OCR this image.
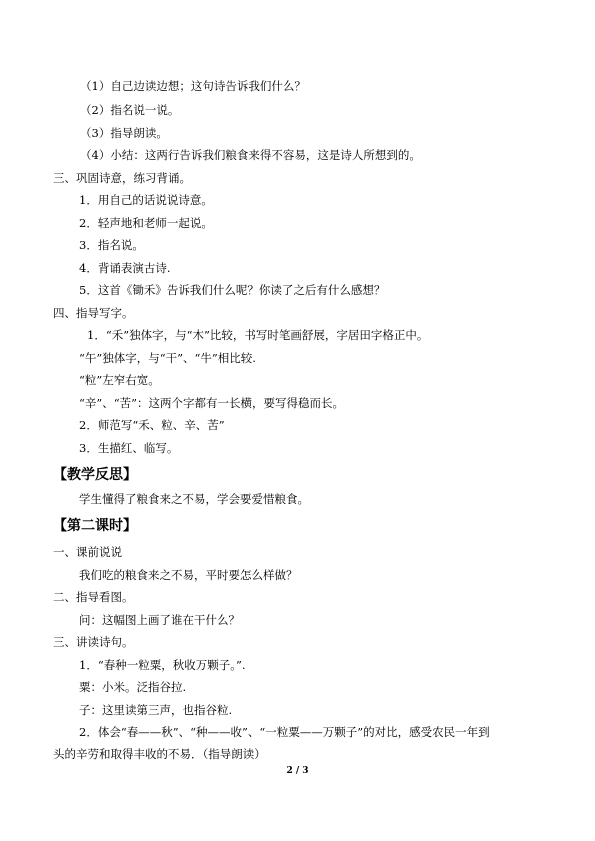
（1）自己边读边想；这句诗告诉我们什么？
（2）指名说一说。
（3）指导朗读。
（4）小结：这两行告诉我们粮食来得不容易，这是诗人所想到的。
三、巩固诗意，练习背诵。
1．用自己的话说说诗意。
2．轻声地和老师一起说。
3．指名说。
4．背诵表演古诗.
5．这首《锄禾》告诉我们什么呢？你读了之后有什么感想？
四、指导写字。
1．“禾”独体字，与“木”比较，书写时笔画舒展，字居田字格正中。
“午”独体字，与“干”、“牛”相比较.
“粒”左窄右宽。
“辛”、“苦”：这两个字都有一长横，要写得稳而长。
2．师范写“禾、粒、辛、苦”
3．生描红、临写。
【教学反思】
学生懂得了粮食来之不易，学会要爱惜粮食。
【第二课时】
一、课前说说
我们吃的粮食来之不易，平时要怎么样做？
二、指导看图。
问：这幅图上画了谁在干什么？
三、讲读诗句。
1．“春种一粒粟，秋收万颗子。”.
粟：小米。泛指谷拉.
子：这里读第三声，也指谷粒.
2．体会“春——秋”、“种——收”、“一粒粟——万颗子”的对比，感受农民一年到
头的辛劳和取得丰收的不易．（指导朗读）
2 / 3
